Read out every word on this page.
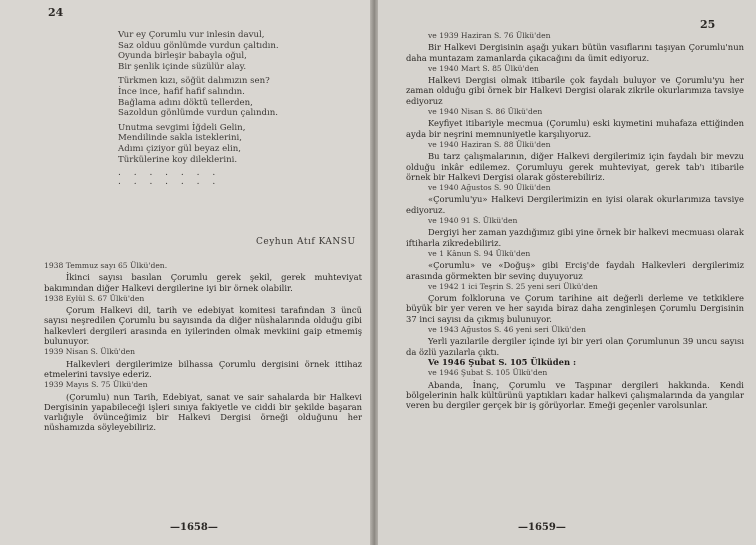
24
Vur ey Çorumlu vur inlesin davul,
Saz olduu gönlümde vurdun çaltıdın.
Oyunda birleşir babayla oğul,
Bir şenlik içinde süzülür alay.
Türkmen kızı, söğüt dalımızın sen?
İnce ince, hafif hafif salındın.
Bağlama adını döktü tellerden,
Sazoldun gönlümde vurdun çalındın.
Unutma sevgimi İğdeli Gelin,
Mendilinde sakla isteklerini,
Adımı çiziyor gül beyaz elin,
Türkülerine koy dileklerini.
. . . . . . .
. . . . . . .
Ceyhun Atıf KANSU
1938 Temmuz sayı 65 Ülkü'den.
İkinci sayısı basılan Çorumlu gerek şekil, gerek muhteviyat bakımından diğer Halkevi dergilerine iyi bir örnek olabilir.
1938 Eylül S. 67 Ülkü'den
Çorum Halkevi dil, tarih ve edebiyat komitesi tarafından 3 üncü sayısı neşredilen Çorumlu bu sayısında da diğer nüshalarında olduğu gibi halkevleri dergileri arasında en iyilerinden olmak mevkiini gaip etmemiş bulunuyor.
1939 Nisan S. Ülkü'den
Halkevleri dergilerimize bilhassa Çorumlu dergisini örnek ittihaz etmelerini tavsiye ederiz.
1939 Mayıs S. 75 Ülkü'den
(Çorumlu) nun Tarih, Edebiyat, sanat ve sair sahalarda bir Halkevi Dergisinin yapabileceği işleri sınıya fakiyetle ve ciddi bir şekilde başaran varlığıyle övünceğimiz bir Halkevi Dergisi örneği olduğunu her nüshamızda söyleyebiliriz.
—1658—
25
ve 1939 Haziran S. 76 Ülkü'den
Bir Halkevi Dergisinin aşağı yukarı bütün vasıflarını taşıyan Çorumlu'nun daha muntazam zamanlarda çıkacağını da ümit ediyoruz.
ve 1940 Mart S. 85 Ülkü'den
Halkevi Dergisi olmak itibarile çok faydalı buluyor ve Çorumlu'yu her zaman olduğu gibi örnek bir Halkevi Dergisi olarak zikrile okurlarımıza tavsiye ediyoruz
ve 1940 Nisan S. 86 Ülkü'den
Keyfiyet itibariyle mecmua (Çorumlu) eski kıymetini muhafaza ettiğinden ayda bir neşrini memnuniyetle karşılıyoruz.
ve 1940 Haziran S. 88 Ülkü'den
Bu tarz çalışmalarının, diğer Halkevi dergilerimiz için faydalı bir mevzu olduğu inkâr edilemez. Çorumluyu gerek muhteviyat, gerek tab'ı itibarile örnek bir Halkevi Dergisi olarak gösterebiliriz.
ve 1940 Ağustos S. 90 Ülkü'den
«Çorumlu'yu» Halkevi Dergilerimizin en iyisi olarak okurlarımıza tavsiye ediyoruz.
ve 1940 91 S. Ülkü'den
Dergiyi her zaman yazdığımız gibi yine örnek bir halkevi mecmuası olarak iftiharla zikredebiliriz.
ve 1 Kânun S. 94 Ülkü'den
«Çorumlu» ve «Doğuş» gibi Erciş'de faydalı Halkevleri dergilerimiz arasında görmekten bir sevinç duyuyoruz
ve 1942 1 ici Teşrin S. 25 yeni seri Ülkü'den
Çorum folklоruna ve Çorum tarihine ait değerli derleme ve tetkiklere büyük bir yer veren ve her sayıda biraz daha zenginleşen Çorumlu Dergisinin 37 inci sayısı da çıkmış bulunuyor.
ve 1943 Ağustos S. 46 yeni seri Ülkü'den
Yerli yazılarile dergiler içinde iyi bir yeri olan Çorumlunun 39 uncu sayısı da özlü yazılarla çıktı.
Ve 1946 Şubat S. 105 Ülküden :
ve 1946 Şubat S. 105 Ülkü'den
Abanda, İnanç, Çorumlu ve Taşpınar dergileri hakkında. Kendi bölgelerinin halk kültürünü yaptıkları kadar halkevi çalışmalarında da yangılar veren bu dergiler gerçek bir iş görüyorlar. Emeği geçenler varolsunlar.
—1659—
